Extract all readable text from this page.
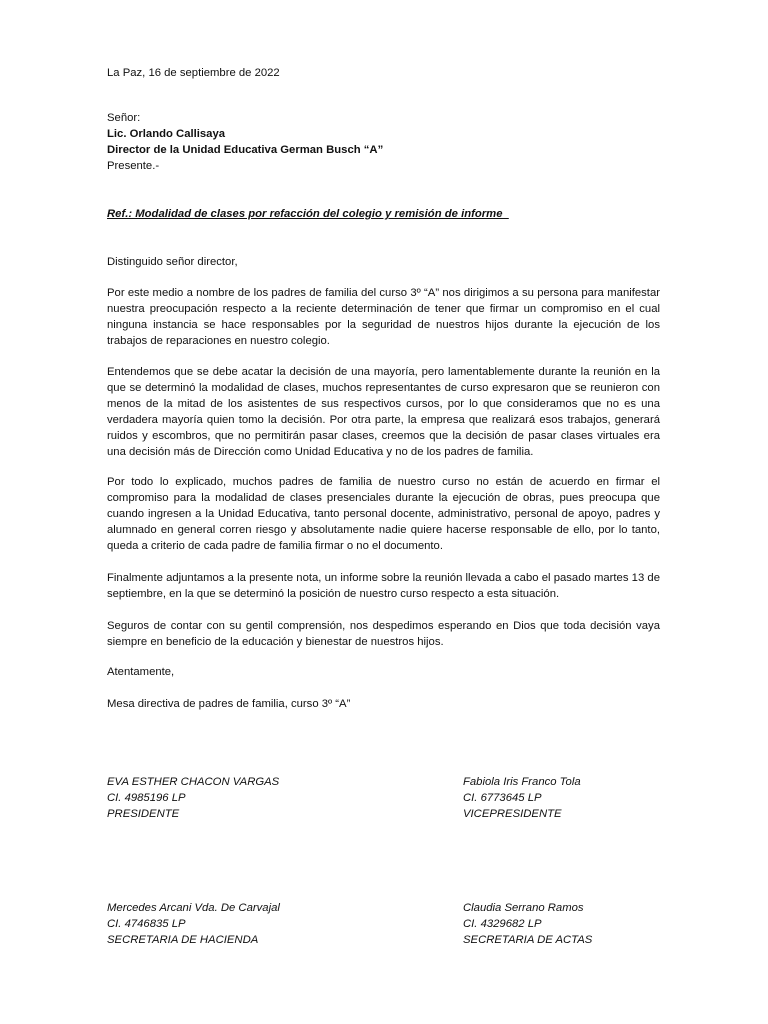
La Paz, 16 de septiembre de 2022
Señor:
Lic. Orlando Callisaya
Director de la Unidad Educativa German Busch “A”
Presente.-
Ref.: Modalidad de clases por refacción del colegio y remisión de informe
Distinguido señor director,
Por este medio a nombre de los padres de familia del curso 3º “A” nos dirigimos a su persona para manifestar nuestra preocupación respecto a la reciente determinación de tener que firmar un compromiso en el cual ninguna instancia se hace responsables por la seguridad de nuestros hijos durante la ejecución de los trabajos de reparaciones en nuestro colegio.
Entendemos que se debe acatar la decisión de una mayoría, pero lamentablemente durante la reunión en la que se determinó la modalidad de clases, muchos representantes de curso expresaron que se reunieron con menos de la mitad de los asistentes de sus respectivos cursos, por lo que consideramos que no es una verdadera mayoría quien tomo la decisión. Por otra parte, la empresa que realizará esos trabajos, generará ruidos y escombros, que no permitirán pasar clases, creemos que la decisión de pasar clases virtuales era una decisión más de Dirección como Unidad Educativa y no de los padres de familia.
Por todo lo explicado, muchos padres de familia de nuestro curso no están de acuerdo en firmar el compromiso para la modalidad de clases presenciales durante la ejecución de obras, pues preocupa que cuando ingresen a la Unidad Educativa, tanto personal docente, administrativo, personal de apoyo, padres y alumnado en general corren riesgo y absolutamente nadie quiere hacerse responsable de ello, por lo tanto, queda a criterio de cada padre de familia firmar o no el documento.
Finalmente adjuntamos a la presente nota, un informe sobre la reunión llevada a cabo el pasado martes 13 de septiembre, en la que se determinó la posición de nuestro curso respecto a esta situación.
Seguros de contar con su gentil comprensión, nos despedimos esperando en Dios que toda decisión vaya siempre en beneficio de la educación y bienestar de nuestros hijos.
Atentamente,
Mesa directiva de padres de familia, curso 3º “A”
EVA ESTHER CHACON VARGAS
CI. 4985196 LP
PRESIDENTE
Fabiola Iris Franco Tola
CI. 6773645 LP
VICEPRESIDENTE
Mercedes Arcani Vda. De Carvajal
CI. 4746835 LP
SECRETARIA DE HACIENDA
Claudia Serrano Ramos
CI. 4329682 LP
SECRETARIA DE ACTAS
